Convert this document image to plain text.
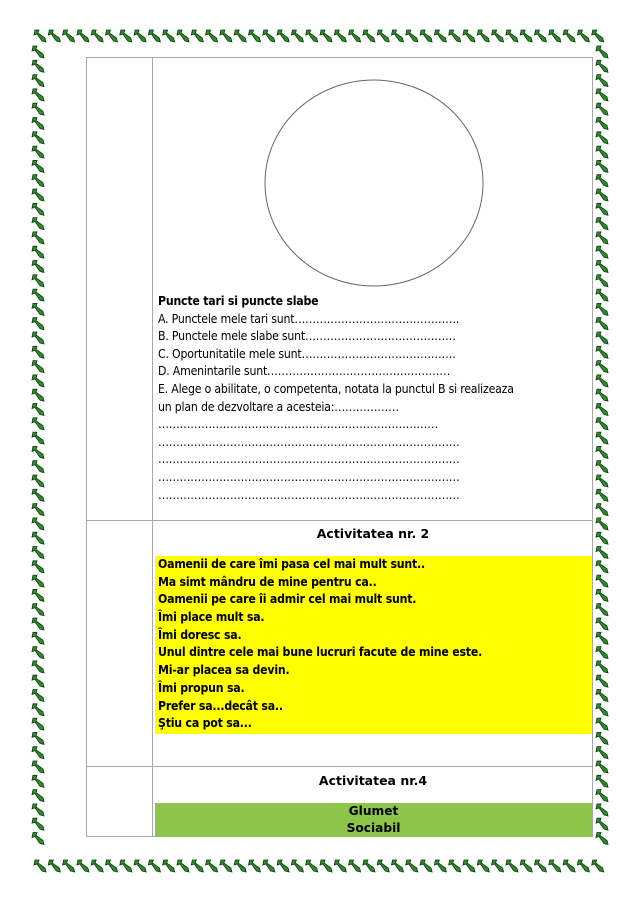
Puncte tari si puncte slabe
A. Punctele mele tari sunt……………………………………….
B. Punctele mele slabe sunt……………………………………
C. Oportunitatile mele sunt…………………………………….
D. Amenintarile sunt……………………………………………
E. Alege o abilitate, o competenta, notata la punctul B si realizeaza
un plan de dezvoltare a acesteia:………………
……………………………………………………………………
…………………………………………………………………………
…………………………………………………………………………
…………………………………………………………………………
…………………………………………………………………………
Activitatea nr. 2
Oamenii de care îmi pasa cel mai mult sunt..
Ma simt mândru de mine pentru ca..
Oamenii pe care îi admir cel mai mult sunt.
Îmi place mult sa.
Îmi doresc sa.
Unul dintre cele mai bune lucruri facute de mine este.
Mi-ar placea sa devin.
Îmi propun sa.
Prefer sa...decât sa..
Ştiu ca pot sa...
Activitatea nr.4
Glumet
Sociabil
